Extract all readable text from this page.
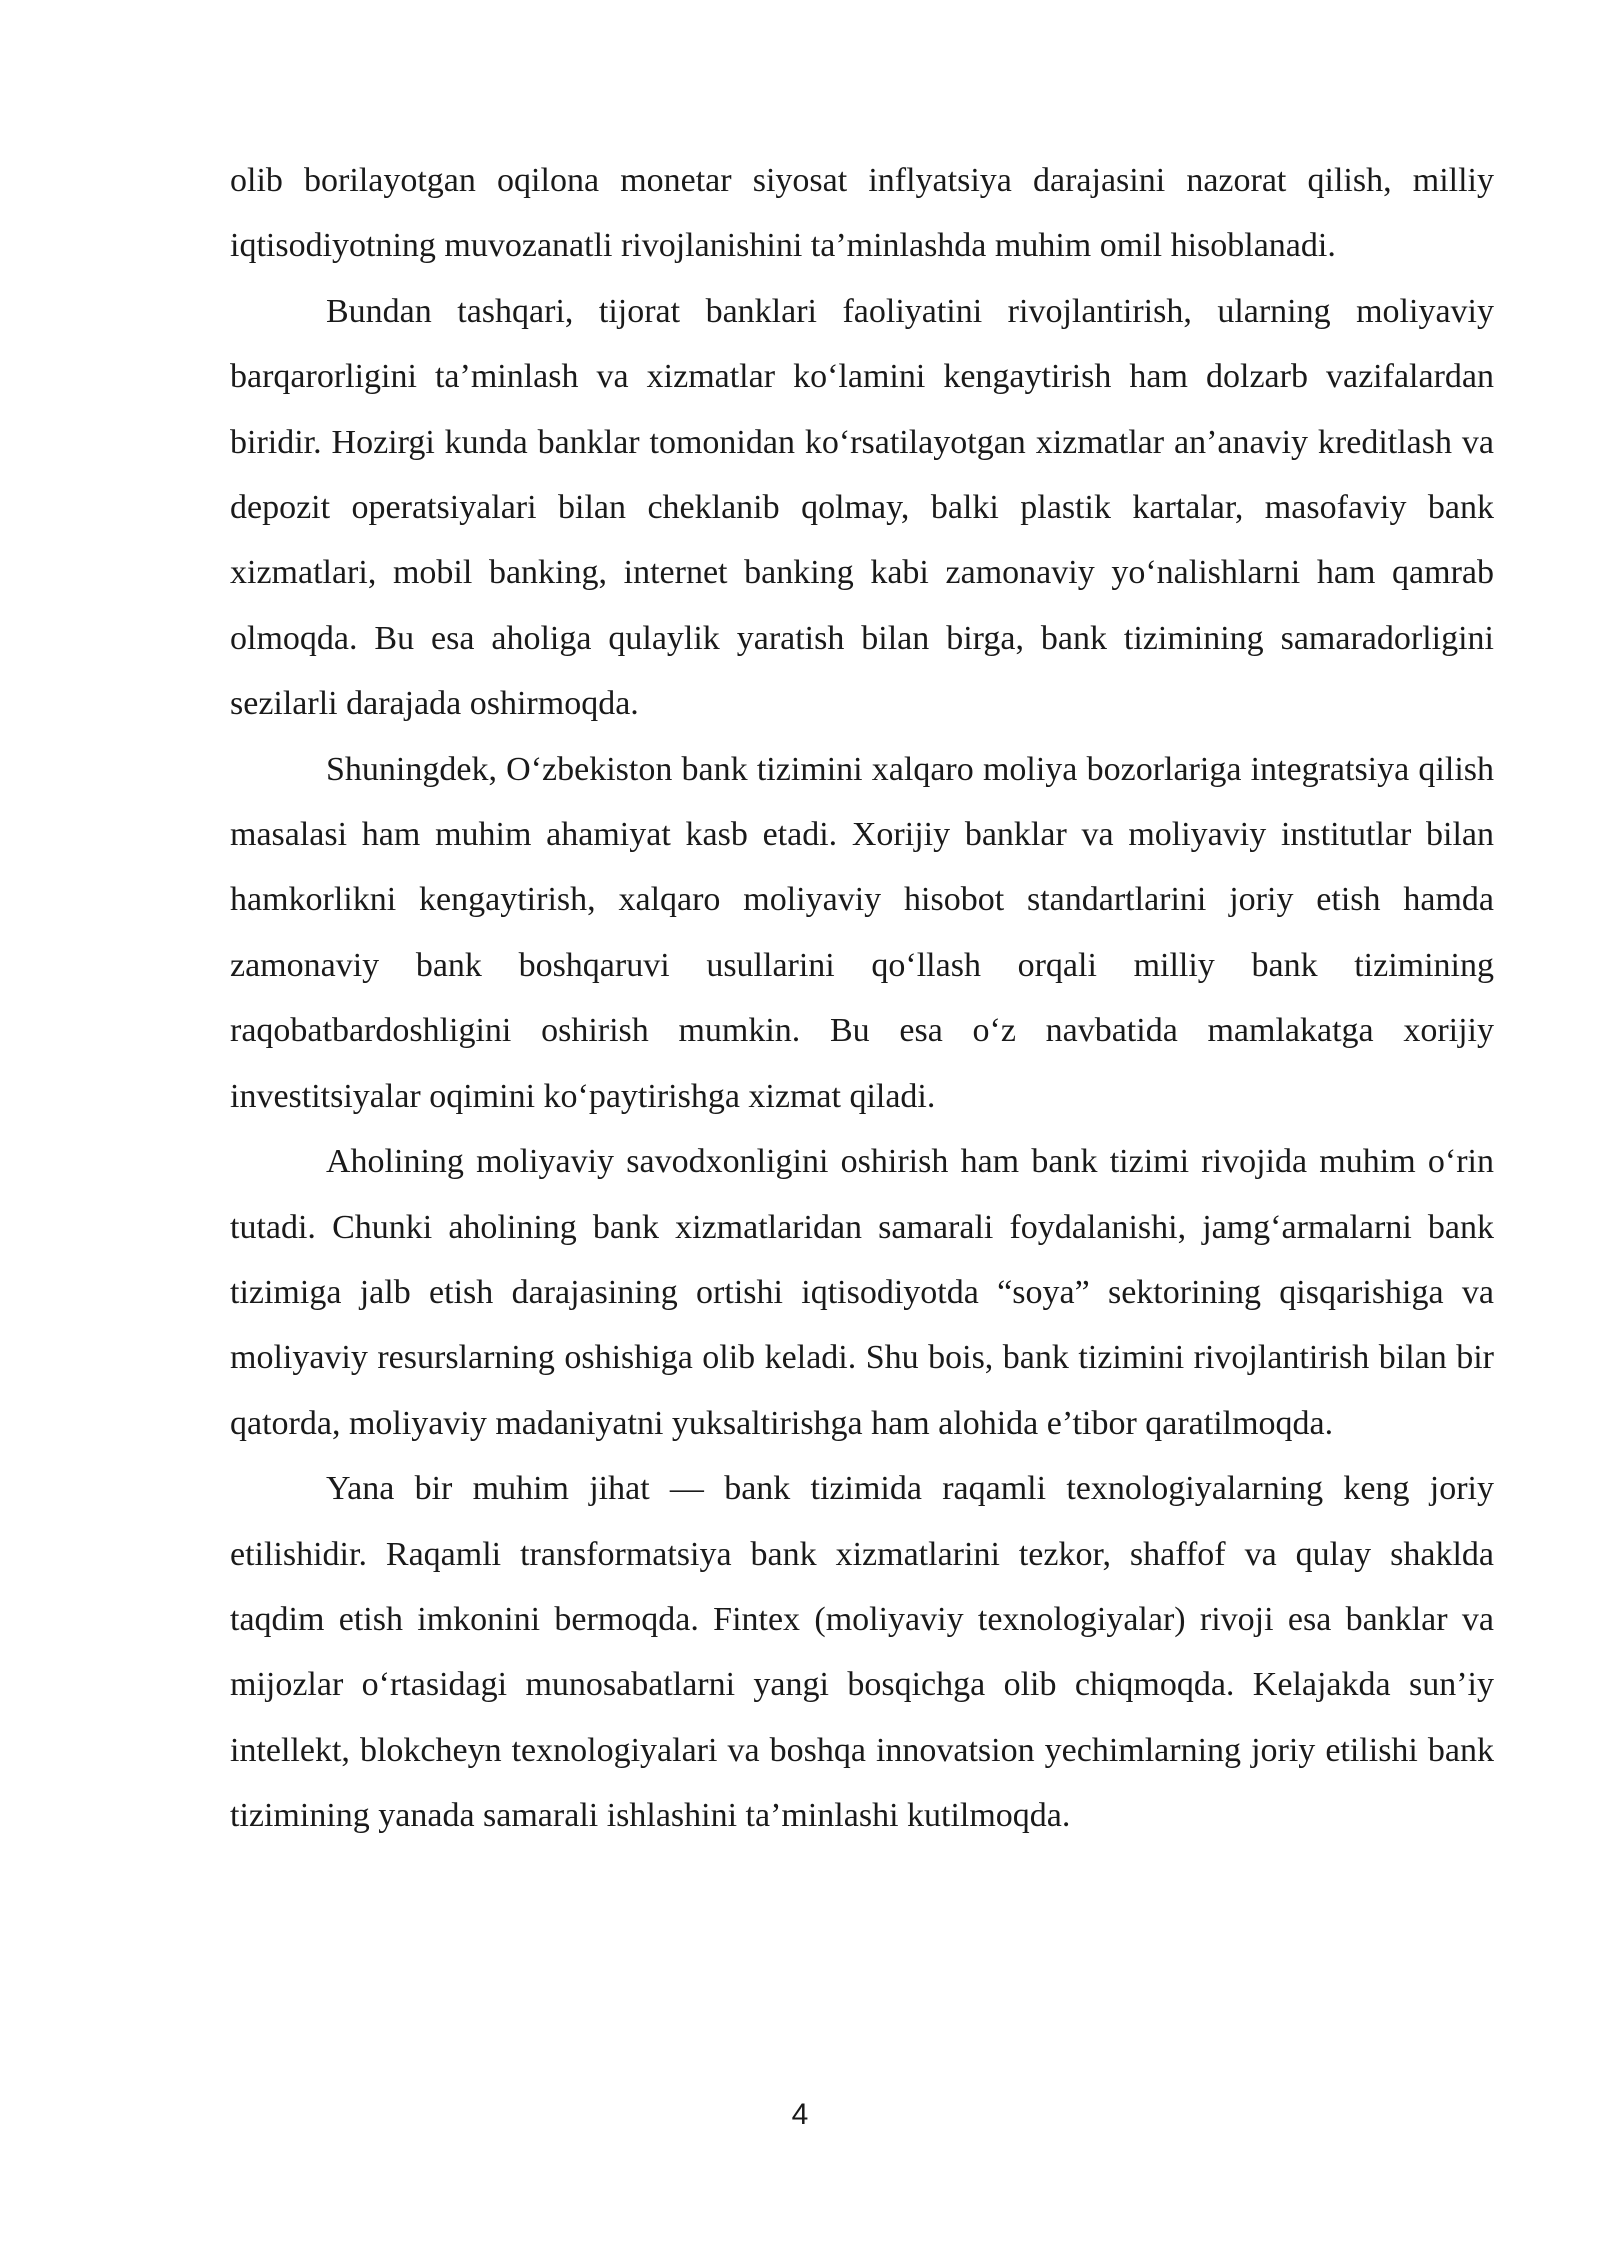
olib borilayotgan oqilona monetar siyosat inflyatsiya darajasini nazorat qilish, milliy iqtisodiyotning muvozanatli rivojlanishini ta’minlashda muhim omil hisoblanadi.

Bundan tashqari, tijorat banklari faoliyatini rivojlantirish, ularning moliyaviy barqarorligini ta’minlash va xizmatlar ko‘lamini kengaytirish ham dolzarb vazifalardan biridir. Hozirgi kunda banklar tomonidan ko‘rsatilayotgan xizmatlar an’anaviy kreditlash va depozit operatsiyalari bilan cheklanib qolmay, balki plastik kartalar, masofaviy bank xizmatlari, mobil banking, internet banking kabi zamonaviy yo‘nalishlarni ham qamrab olmoqda. Bu esa aholiga qulaylik yaratish bilan birga, bank tizimining samaradorligini sezilarli darajada oshirmoqda.

Shuningdek, O‘zbekiston bank tizimini xalqaro moliya bozorlariga integratsiya qilish masalasi ham muhim ahamiyat kasb etadi. Xorijiy banklar va moliyaviy institutlar bilan hamkorlikni kengaytirish, xalqaro moliyaviy hisobot standartlarini joriy etish hamda zamonaviy bank boshqaruvi usullarini qo‘llash orqali milliy bank tizimining raqobatbardoshligini oshirish mumkin. Bu esa o‘z navbatida mamlakatga xorijiy investitsiyalar oqimini ko‘paytirishga xizmat qiladi.

Aholining moliyaviy savodxonligini oshirish ham bank tizimi rivojida muhim o‘rin tutadi. Chunki aholining bank xizmatlaridan samarali foydalanishi, jamg‘armalarni bank tizimiga jalb etish darajasining ortishi iqtisodiyotda “soya” sektorining qisqarishiga va moliyaviy resurslarning oshishiga olib keladi. Shu bois, bank tizimini rivojlantirish bilan bir qatorda, moliyaviy madaniyatni yuksaltirishga ham alohida e’tibor qaratilmoqda.

Yana bir muhim jihat — bank tizimida raqamli texnologiyalarning keng joriy etilishidir. Raqamli transformatsiya bank xizmatlarini tezkor, shaffof va qulay shaklda taqdim etish imkonini bermoqda. Fintex (moliyaviy texnologiyalar) rivoji esa banklar va mijozlar o‘rtasidagi munosabatlarni yangi bosqichga olib chiqmoqda. Kelajakda sun’iy intellekt, blokcheyn texnologiyalari va boshqa innovatsion yechimlarning joriy etilishi bank tizimining yanada samarali ishlashini ta’minlashi kutilmoqda.

4
